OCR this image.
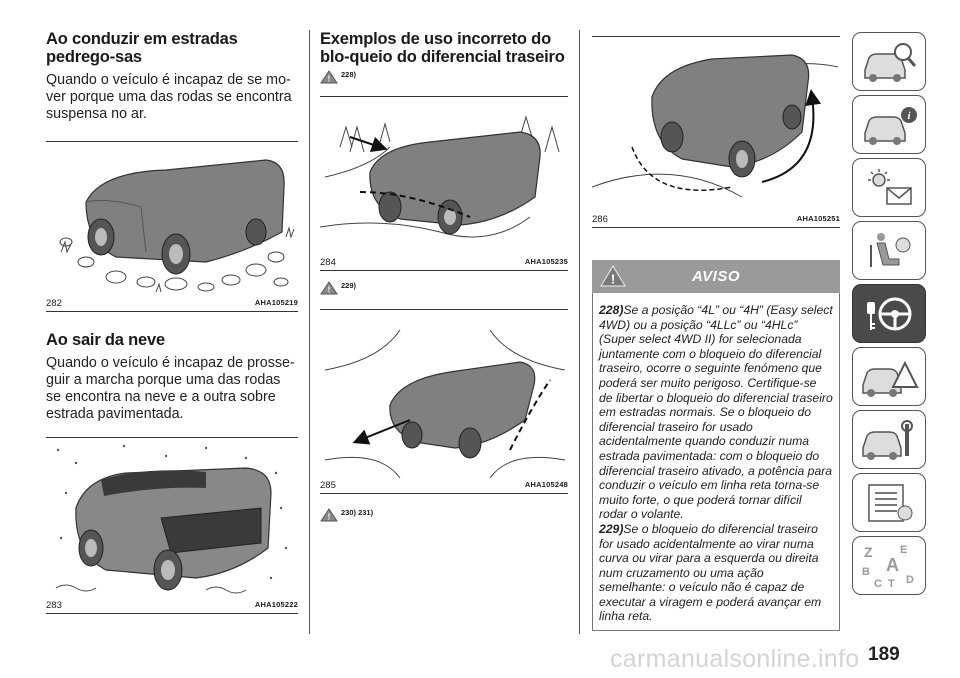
Ao conduzir em estradas pedrego-sas

Quando o veículo é incapaz de se mo-ver porque uma das rodas se encontra suspensa no ar.

282	AHA105219
Ao sair da neve

Quando o veículo é incapaz de prosse-guir a marcha porque uma das rodas se encontra na neve e a outra sobre estrada pavimentada.

283	AHA105222
Exemplos de uso incorreto do blo-queio do diferencial traseiro
! 228)
284	AHA105235
! 229)
285	AHA105248
! 230) 231)
286	AHA105251
!	AVISO

228)Se a posição “4L” ou “4H” (Easy select 4WD) ou a posição “4LLc” ou “4HLc” (Super select 4WD II) for selecionada juntamente com o bloqueio do diferencial traseiro, ocorre o seguinte fenómeno que poderá ser muito perigoso. Certifique-se de libertar o bloqueio do diferencial traseiro em estradas normais. Se o bloqueio do diferencial traseiro for usado acidentalmente quando conduzir numa estrada pavimentada: com o bloqueio do diferencial traseiro ativado, a potência para conduzir o veículo em linha reta torna-se muito forte, o que poderá tornar difícil rodar o volante.

229)Se o bloqueio do diferencial traseiro for usado acidentalmente ao virar numa curva ou virar para a esquerda ou direita num cruzamento ou uma ação semelhante: o veículo não é capaz de executar a viragem e poderá avançar em linha reta.

i
Z E
B A
C T D
carmanualsonline.info 189
